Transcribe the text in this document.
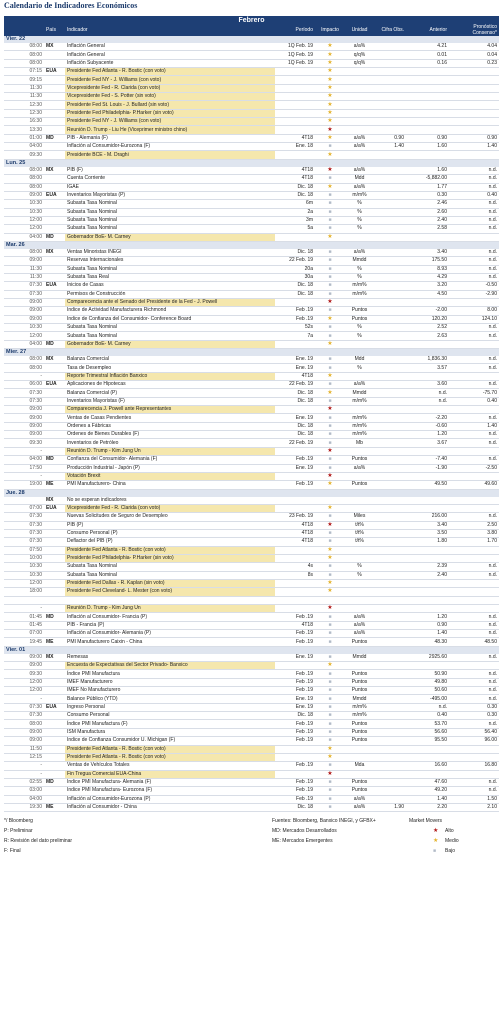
Calendario de Indicadores Económicos
Febrero
	País	Indicador	Período	Impacto	Unidad	Cifra Obs.	Anterior	Pronóstico Consenso*
Vier. 22								
08:00	MX	Inflación General	1Q Feb. 19	★	a/a%		4.21	4.04
08:00		Inflación General	1Q Feb. 19	★	q/q%		0.01	0.04
08:00		Inflación Subyacente	1Q Feb. 19	★	q/q%		0.16	0.23
07:15	EUA	Presidente Fed Atlanta - R. Bostic (con voto)		★				
09:15		Presidente Fed NY - J. Williams (con voto)		★				
11:30		Vicepresidente Fed - R. Clarida (con voto)		★				
11:30		Vicepresidente Fed - S. Potter (sin voto)		★				
12:30		Presidente Fed St. Louis - J. Bullard (sin voto)		★				
12:30		Presidente Fed Philadelphia- P.Harker (sin voto)		★				
16:30		Presidente Fed NY - J. Williams (con voto)		★				
13:30		Reunión D. Trump - Liu He (Viceprimer ministro chino)		★				
01:00	MD	PIB - Alemania (F)	4T18	★	a/a%	0.90	0.90	0.90
04:00		Inflación al Consumidor-Eurozona (F)	Ene. 18	■	a/a%	1.40	1.60	1.40
09:30		Presidente BCE - M. Draghi		★				
Lun. 25								
08:00	MX	PIB (F)	4T18	★	a/a%		1.60	n.d.
08:00		Cuenta Corriente	4T18	■	Mdd		-5,882.00	n.d.
08:00		IGAE	Dic. 18	★	a/a%		1.77	n.d.
09:00	EUA	Inventarios Mayoristas (P)	Dic. 18	■	m/m%		0.30	0.40
10:30		Subasta Tasa Nominal	6m	■	%		2.46	n.d.
10:30		Subasta Tasa Nominal	2a	■	%		2.60	n.d.
12:00		Subasta Tasa Nominal	3m	■	%		2.40	n.d.
12:00		Subasta Tasa Nominal	5a	■	%		2.58	n.d.
04:00	MD	Gobernador BoE- M. Carney		★				
Mar. 26								
08:00	MX	Ventas Minoristas INEGI	Dic. 18	■	a/a%		3.40	n.d.
09:00		Reservas Internacionales	22 Feb. 19	■	Mmdd		175.50	n.d.
11:30		Subasta Tasa Nominal	20a	■	%		8.93	n.d.
11:30		Subasta Tasa Real	30a	■	%		4.29	n.d.
07:30	EUA	Inicios de Casas	Dic. 18	■	m/m%		3.20	-0.50
07:30		Permisos de Construcción	Dic. 18	■	m/m%		4.50	-2.90
09:00		Comparecencia ante el Senado del Presidente de la Fed - J. Powell		★				
09:00		Índice de Actividad Manufacturera Richmond	Feb .19	■	Puntos		-2.00	8.00
09:00		Índice de Confianza del Consumidor- Conference Board	Feb .19	★	Puntos		120.20	124.10
10:30		Subasta Tasa Nominal	52s	■	%		2.52	n.d.
12:00		Subasta Tasa Nominal	7a	■	%		2.63	n.d.
04:00	MD	Gobernador BoE- M. Carney		★				
Mier. 27								
08:00	MX	Balanza Comercial	Ene. 19	■	Mdd		1,836.30	n.d.
08:00		Tasa de Desempleo	Ene. 19	■	%		3.57	n.d.
-		Reporte Trimestral Inflación Banxico	4T18	★				
06:00	EUA	Aplicaciones de Hipotecas	22 Feb. 19	■	a/a%		3.60	n.d.
07:30		Balanza Comercial (P)	Dic. 18	★	Mmdd		n.d.	-75.70
07:30		Inventarios Mayoristas (F)	Dic. 18	■	m/m%		n.d.	0.40
09:00		Comparecencia J. Powell ante Representantes		★				
09:00		Ventas de Casas Pendientes	Ene. 19	■	m/m%		-2.20	n.d.
09:00		Órdenes a Fábricas	Dic. 18	■	m/m%		-0.60	1.40
09:00		Órdenes de Bienes Durables (F)	Dic. 18	■	m/m%		1.20	n.d.
09:30		Inventarios de Petróleo	22 Feb. 19	■	Mb		3.67	n.d.
-		Reunión D. Trump - Kim Jung Un		★				
04:00	MD	Confianza del Consumidor- Alemania (F)	Feb .19	■	Puntos		-7.40	n.d.
17:50		Producción Industrial - Japón (P)	Ene. 19	■	a/a%		-1.90	-2.50
-		Votación Brexit		★				
19:00	ME	PMI Manufacturero- China	Feb .19	★	Puntos		49.50	49.60
Jue. 28								
	MX	No se esperan indicadores						
07:00	EUA	Vicepresidente Fed - R. Clarida (con voto)		★				
07:30		Nuevas Solicitudes de Seguro de Desempleo	23 Feb. 19	■	Miles		216.00	n.d.
07:30		PIB (P)	4T18	★	t/t%		3.40	2.50
07:30		Consumo Personal (P)	4T18	■	t/t%		3.50	3.80
07:30		Deflactor del PIB (P)	4T18	■	t/t%		1.80	1.70
07:50		Presidente Fed Atlanta - R. Bostic (con voto)		★				
10:00		Presidente Fed Philadelphia- P.Harker (sin voto)		★				
10:30		Subasta Tasa Nominal	4s	■	%		2.39	n.d.
10:30		Subasta Tasa Nominal	8s	■	%		2.40	n.d.
12:00		Presidente Fed Dallas - R. Kaplan (sin voto)		★				
18:00		Presidente Fed Cleveland- L. Mester (con voto)		★				

-		Reunión D. Trump - Kim Jung Un		★				
01:45	MD	Inflación al Consumidor- Francia (P)	Feb .19	■	a/a%		1.20	n.d.
01:45		PIB - Francia (P)	4T18	■	a/a%		0.90	n.d.
07:00		Inflación al Consumidor- Alemania (P)	Feb .19	■	a/a%		1.40	n.d.
19:45	ME	PMI Manufacturero Caixin - China	Feb .19	■	Puntos		48.30	48.50
Vier. 01								
09:00	MX	Remesas	Ene. 19	■	Mmdd		2925.60	n.d.
09:00		Encuesta de Expectativas del Sector Privado- Banxico		★				
09:30		Índice PMI Manufactura	Feb .19	■	Puntos		50.90	n.d.
12:00		IMEF Manufacturero	Feb .19	■	Puntos		49.80	n.d.
12:00		IMEF No Manufacturero	Feb .19	■	Puntos		50.60	n.d.
-		Balance Público (YTD)	Ene. 19	■	Mmdd		-495.00	n.d.
07:30	EUA	Ingreso Personal	Ene. 19	■	m/m%		n.d.	0.30
07:30		Consumo Personal	Dic. 18	■	m/m%		0.40	0.30
08:00		Índice PMI Manufactura (F)	Feb .19	■	Puntos		53.70	n.d.
09:00		ISM Manufactura	Feb .19	■	Puntos		56.60	56.40
09:00		Índice de Confianza Consumidor U. Michigan (F)	Feb .19	■	Puntos		95.50	96.00
11:50		Presidente Fed Atlanta - R. Bostic (con voto)		★				
12:15		Presidente Fed Atlanta - R. Bostic (con voto)		★				
-		Ventas de Vehículos Totales	Feb .19	■	Mda		16.60	16.80
-		Fin Tregua Comercial EUA-China		★				
02:55	MD	Índice PMI Manufactura- Alemania (F)	Feb .19	■	Puntos		47.60	n.d.
03:00		Índice PMI Manufactura- Eurozona (F)	Feb .19	■	Puntos		49.20	n.d.
04:00		Inflación al Consumidor-Eurozona (P)	Feb .19	■	a/a%		1.40	1.50
19:30	ME	Inflación al Consumidor - China	Dic. 18	■	a/a%	1.90	2.20	2.10
*/ Bloomberg
P: Preliminar
R: Revisión del dato preliminar
F: Final
Fuentes: Bloomberg, Banxico INEGI, y GFBX+
MD: Mercados Desarrollados
ME: Mercados Emergentes
Market Movers
★	Alto
★	Medio
■	Bajo
